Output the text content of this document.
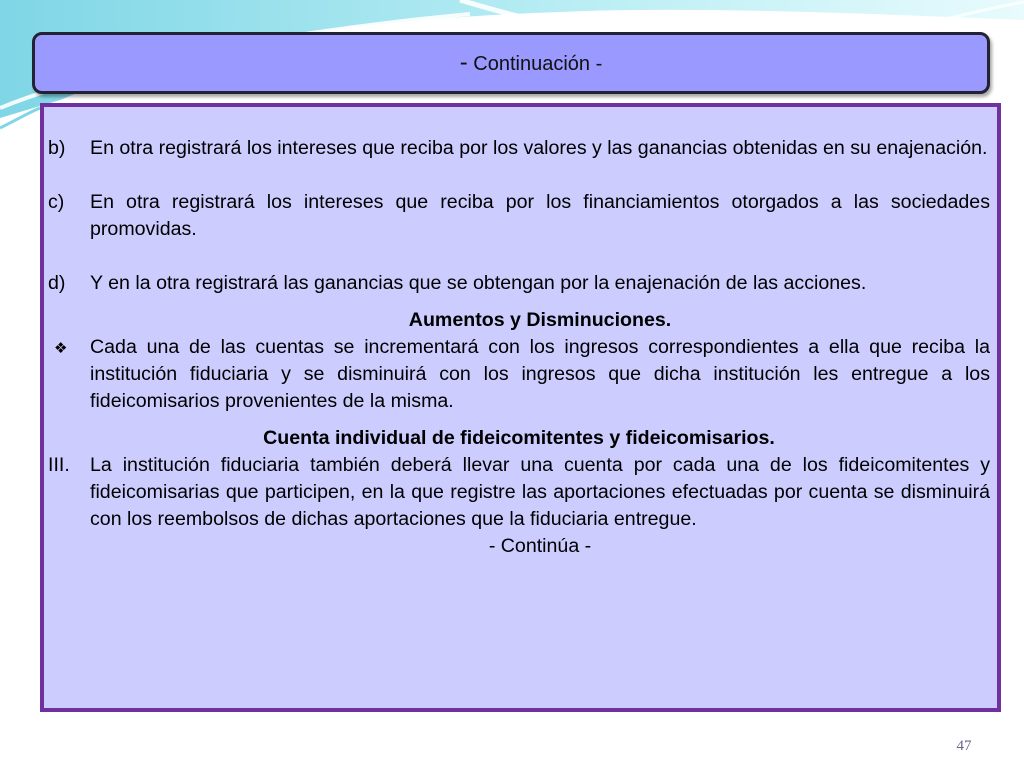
- Continuación -
b)	En otra registrará los intereses que reciba por los valores y las ganancias obtenidas en su enajenación.
c)	En otra registrará los intereses que reciba por los financiamientos otorgados a las sociedades promovidas.
d)	Y en la otra registrará las ganancias que se obtengan por la enajenación de las acciones.
Aumentos y Disminuciones.
❖	Cada una de las cuentas se incrementará con los ingresos correspondientes a ella que reciba la institución fiduciaria y se disminuirá con los ingresos que dicha institución les entregue a los fideicomisarios provenientes de la misma.
Cuenta individual de fideicomitentes y fideicomisarios.
III.	La institución fiduciaria también deberá llevar una cuenta por cada una de los fideicomitentes y fideicomisarias que participen, en la que registre las aportaciones efectuadas por cuenta se disminuirá con los reembolsos de dichas aportaciones que la fiduciaria entregue.
- Continúa -
47
